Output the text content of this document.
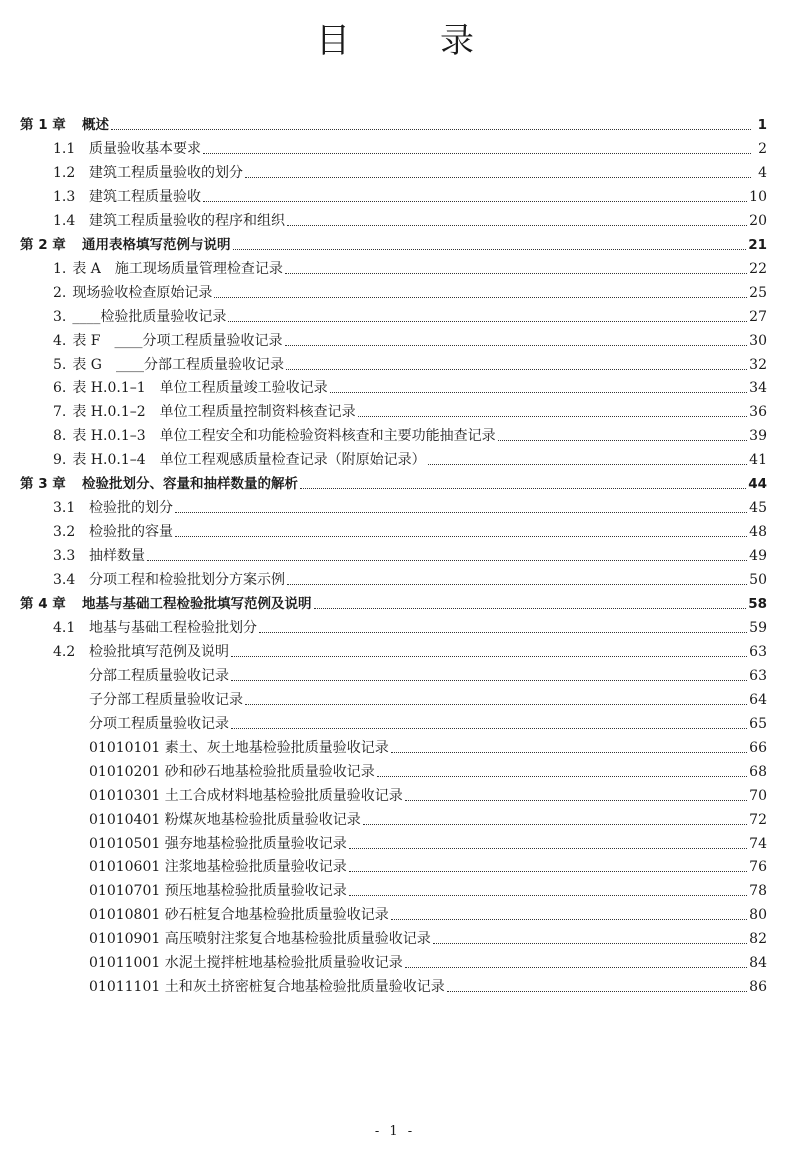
目　录
第 1 章	概述	1
1.1 质量验收基本要求	2
1.2 建筑工程质量验收的划分	4
1.3 建筑工程质量验收	10
1.4 建筑工程质量验收的程序和组织	20
第 2 章	通用表格填写范例与说明	21
1. 表 A　施工现场质量管理检查记录	22
2. 现场验收检查原始记录	25
3. ____检验批质量验收记录	27
4. 表 F　____分项工程质量验收记录	30
5. 表 G　____分部工程质量验收记录	32
6. 表 H.0.1–1　单位工程质量竣工验收记录	34
7. 表 H.0.1–2　单位工程质量控制资料核查记录	36
8. 表 H.0.1–3　单位工程安全和功能检验资料核查和主要功能抽查记录	39
9. 表 H.0.1–4　单位工程观感质量检查记录（附原始记录）	41
第 3 章	检验批划分、容量和抽样数量的解析	44
3.1 检验批的划分	45
3.2 检验批的容量	48
3.3 抽样数量	49
3.4 分项工程和检验批划分方案示例	50
第 4 章	地基与基础工程检验批填写范例及说明	58
4.1 地基与基础工程检验批划分	59
4.2 检验批填写范例及说明	63
分部工程质量验收记录	63
子分部工程质量验收记录	64
分项工程质量验收记录	65
01010101 素土、灰土地基检验批质量验收记录	66
01010201 砂和砂石地基检验批质量验收记录	68
01010301 土工合成材料地基检验批质量验收记录	70
01010401 粉煤灰地基检验批质量验收记录	72
01010501 强夯地基检验批质量验收记录	74
01010601 注浆地基检验批质量验收记录	76
01010701 预压地基检验批质量验收记录	78
01010801 砂石桩复合地基检验批质量验收记录	80
01010901 高压喷射注浆复合地基检验批质量验收记录	82
01011001 水泥土搅拌桩地基检验批质量验收记录	84
01011101 土和灰土挤密桩复合地基检验批质量验收记录	86
- 1 -
